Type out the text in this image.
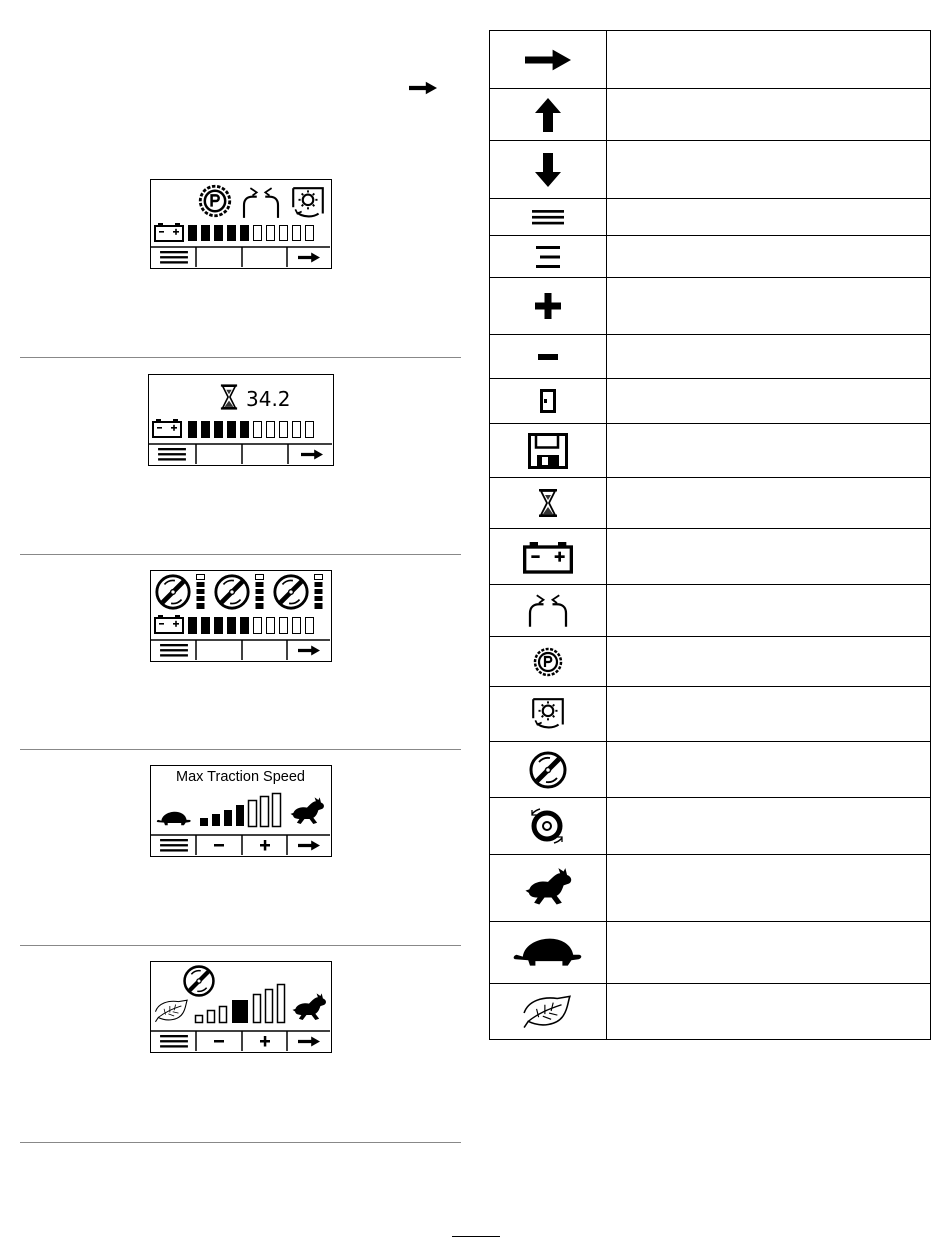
34.2
Max Traction Speed
